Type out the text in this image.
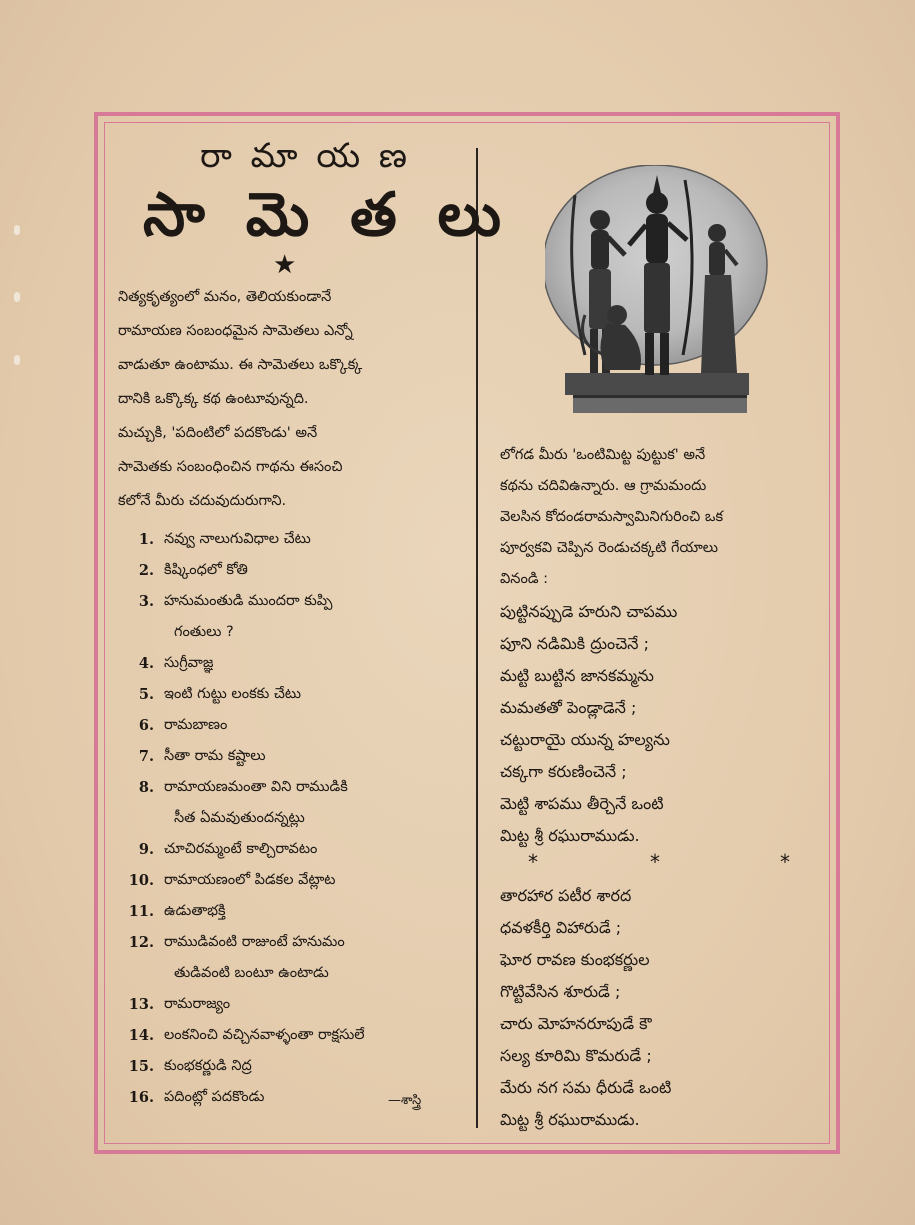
రా మా య ణ
సా మె త లు
★
నిత్యకృత్యంలో మనం, తెలియకుండానే
రామాయణ సంబంధమైన సామెతలు ఎన్నో
వాడుతూ ఉంటాము. ఈ సామెతలు ఒక్కొక్క
దానికి ఒక్కొక్క కథ ఉంటూవున్నది.
మచ్చుకి, 'పదింటిలో పదకొండు' అనే
సామెతకు సంబంధించిన గాథను ఈసంచి
కలోనే మీరు చదువుదురుగాని.
1. నవ్వు నాలుగువిధాల చేటు
2. కిష్కింధలో కోతి
3. హనుమంతుడి ముందరా కుప్పి
గంతులు ?
4. సుగ్రీవాజ్ఞ
5. ఇంటి గుట్టు లంకకు చేటు
6. రామబాణం
7. సీతా రామ కష్టాలు
8. రామాయణమంతా విని రాముడికి
సీత ఏమవుతుందన్నట్లు
9. చూచిరమ్మంటే కాల్చిరావటం
10. రామాయణంలో పిడకల వేట్లాట
11. ఉడుతాభక్తి
12. రాముడివంటి రాజుంటే హనుమం
తుడివంటి బంటూ ఉంటాడు
13. రామరాజ్యం
14. లంకనించి వచ్చినవాళ్ళంతా రాక్షసులే
15. కుంభకర్ణుడి నిద్ర
16. పదింట్లో పదకొండు	—శాస్త్రి
లోగడ మీరు 'ఒంటిమిట్ట పుట్టుక' అనే
కథను చదివిఉన్నారు. ఆ గ్రామమందు
వెలసిన కోదండరామస్వామినిగురించి ఒక
పూర్వకవి చెప్పిన రెండుచక్కటి గేయాలు
వినండి :
పుట్టినప్పుడె హరుని చాపము
పూని నడిమికి ద్రుంచెనే ;
మట్టి బుట్టిన జానకమ్మను
మమతతో పెండ్లాడెనే ;
చట్టురాయై యున్న హల్యను
చక్కగా కరుణించెనే ;
మెట్టి శాపము తీర్చెనే ఒంటి
మిట్ట శ్రీ రఘురాముడు.
*	*	*
తారహార పటీర శారద
ధవళకీర్తి విహారుడే ;
ఘోర రావణ కుంభకర్ణుల
గొట్టివేసిన శూరుడే ;
చారు మోహనరూపుడే కౌ
సల్య కూరిమి కొమరుడే ;
మేరు నగ సమ ధీరుడే ఒంటి
మిట్ట శ్రీ రఘురాముడు.
